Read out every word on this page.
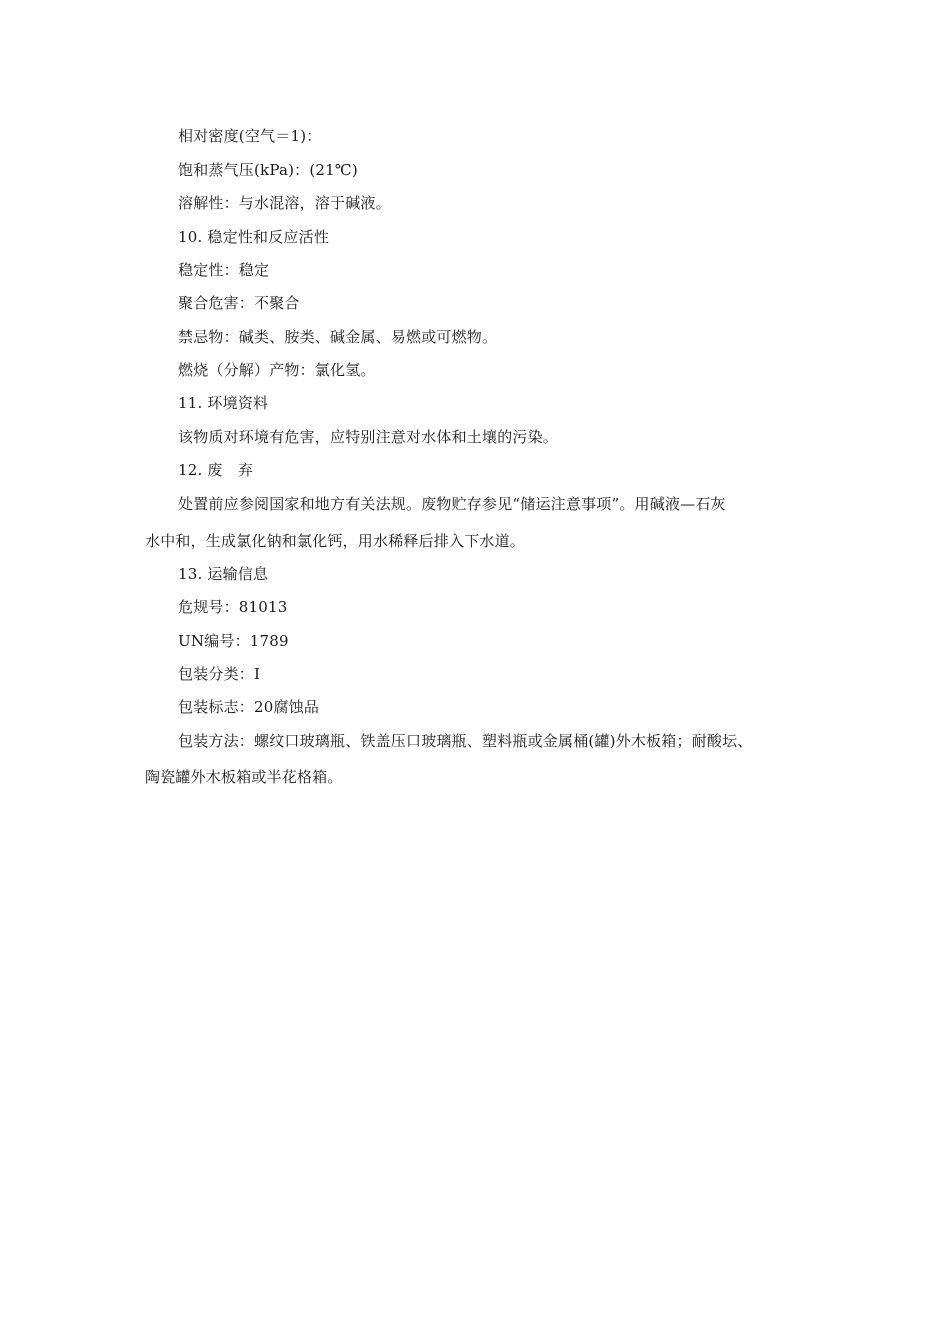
相对密度(空气＝1)：
饱和蒸气压(kPa)：(21℃)
溶解性：与水混溶，溶于碱液。
10. 稳定性和反应活性
稳定性：稳定
聚合危害：不聚合
禁忌物：碱类、胺类、碱金属、易燃或可燃物。
燃烧（分解）产物：氯化氢。
11. 环境资料
该物质对环境有危害，应特别注意对水体和土壤的污染。
12. 废　弃
处置前应参阅国家和地方有关法规。废物贮存参见“储运注意事项”。用碱液—石灰
水中和，生成氯化钠和氯化钙，用水稀释后排入下水道。
13. 运输信息
危规号：81013
UN编号：1789
包装分类：I
包装标志：20腐蚀品
包装方法：螺纹口玻璃瓶、铁盖压口玻璃瓶、塑料瓶或金属桶(罐)外木板箱；耐酸坛、
陶瓷罐外木板箱或半花格箱。
